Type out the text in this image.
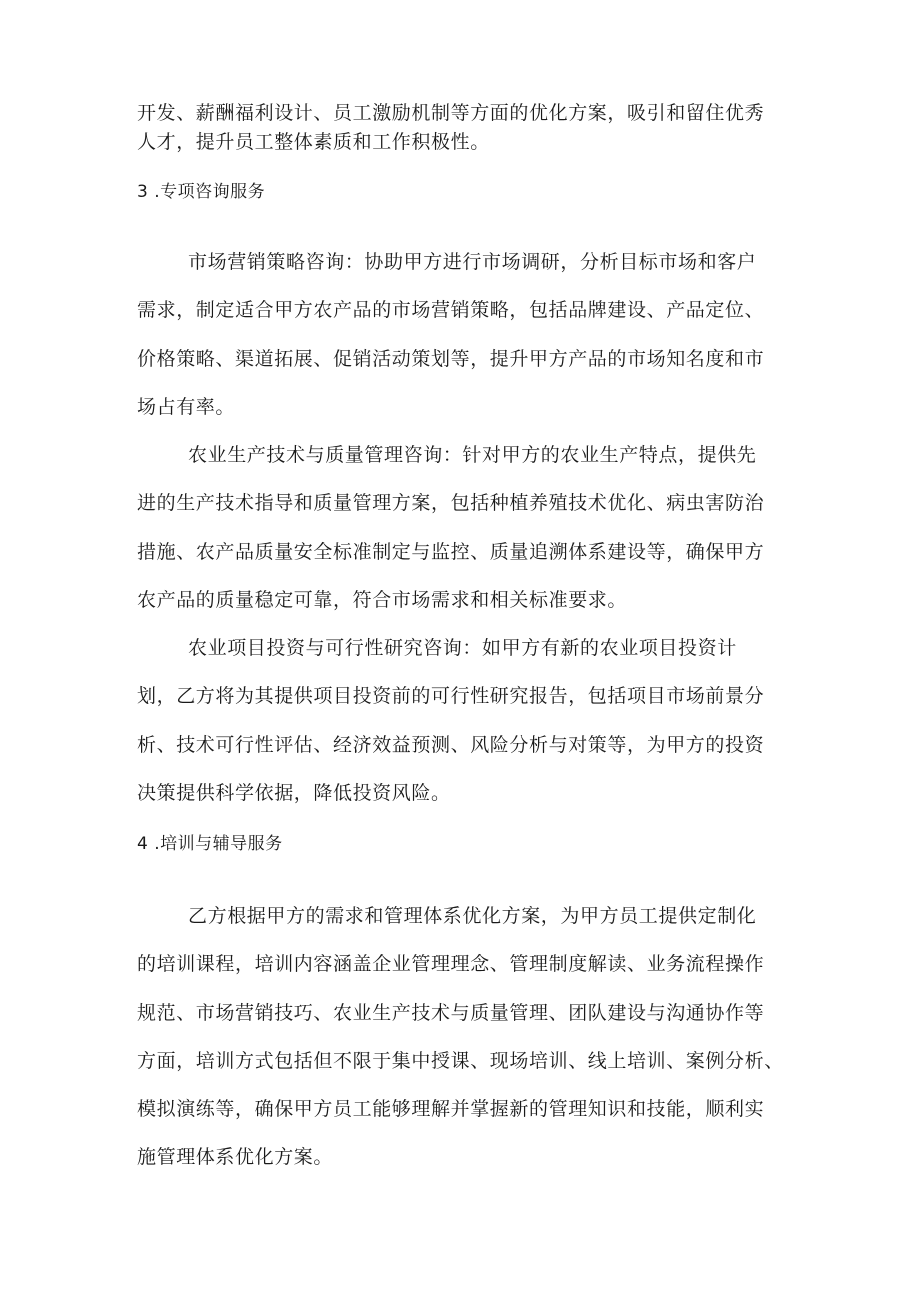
开发、薪酬福利设计、员工激励机制等方面的优化方案，吸引和留住优秀
人才，提升员工整体素质和工作积极性。
3 .专项咨询服务
市场营销策略咨询：协助甲方进行市场调研，分析目标市场和客户
需求，制定适合甲方农产品的市场营销策略，包括品牌建设、产品定位、
价格策略、渠道拓展、促销活动策划等，提升甲方产品的市场知名度和市
场占有率。
农业生产技术与质量管理咨询：针对甲方的农业生产特点，提供先
进的生产技术指导和质量管理方案，包括种植养殖技术优化、病虫害防治
措施、农产品质量安全标准制定与监控、质量追溯体系建设等，确保甲方
农产品的质量稳定可靠，符合市场需求和相关标准要求。
农业项目投资与可行性研究咨询：如甲方有新的农业项目投资计
划，乙方将为其提供项目投资前的可行性研究报告，包括项目市场前景分
析、技术可行性评估、经济效益预测、风险分析与对策等，为甲方的投资
决策提供科学依据，降低投资风险。
4 .培训与辅导服务
乙方根据甲方的需求和管理体系优化方案，为甲方员工提供定制化
的培训课程，培训内容涵盖企业管理理念、管理制度解读、业务流程操作
规范、市场营销技巧、农业生产技术与质量管理、团队建设与沟通协作等
方面，培训方式包括但不限于集中授课、现场培训、线上培训、案例分析、
模拟演练等，确保甲方员工能够理解并掌握新的管理知识和技能，顺利实
施管理体系优化方案。
